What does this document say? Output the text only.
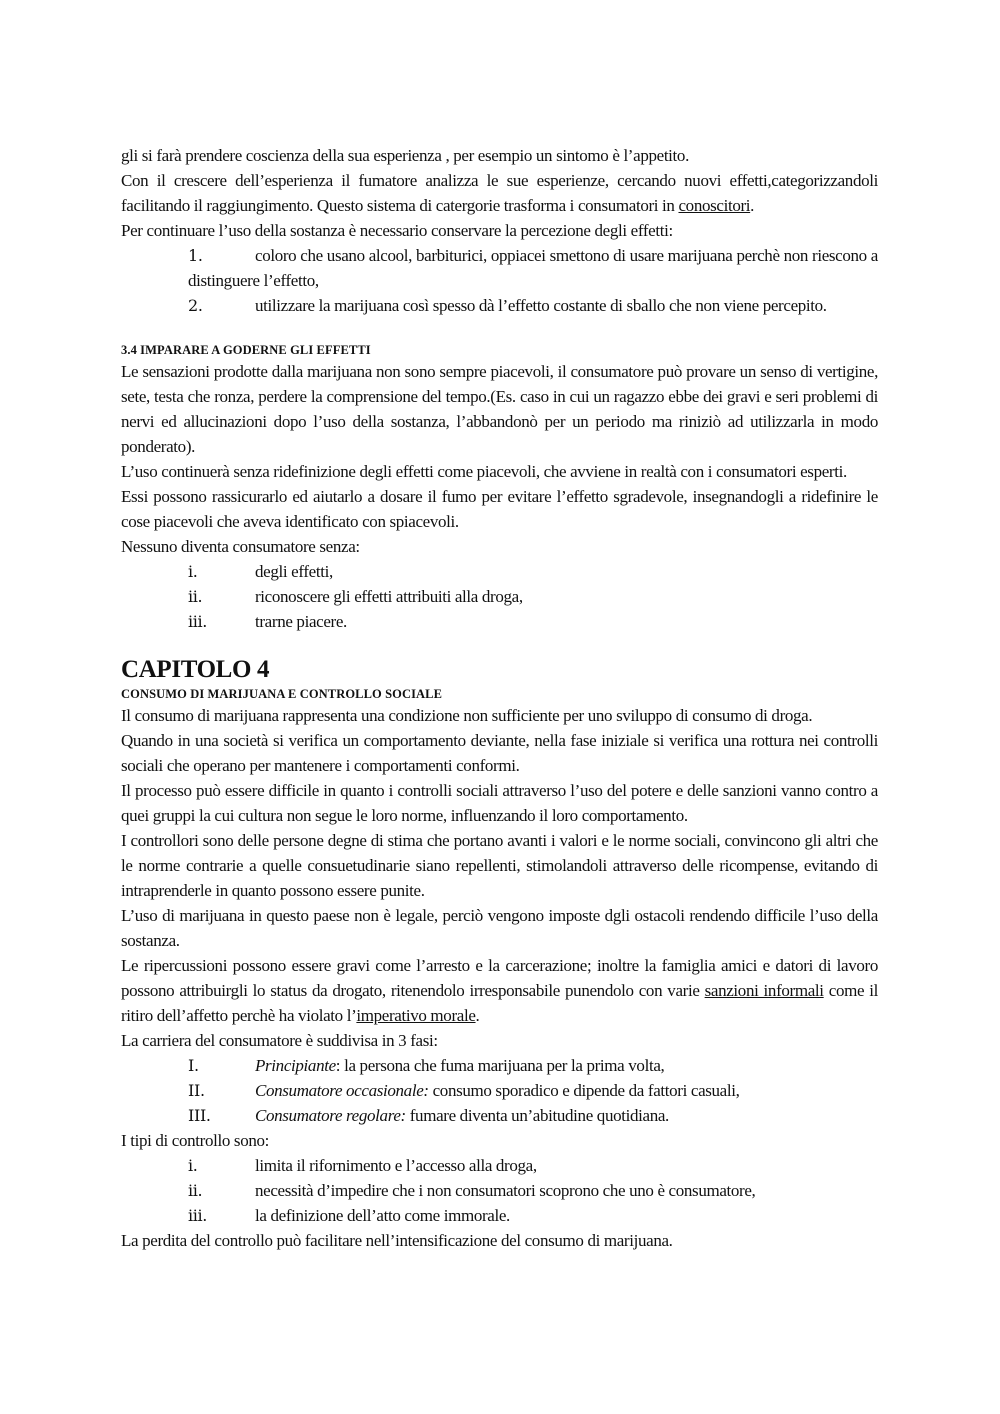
gli si farà prendere coscienza della sua esperienza , per esempio un sintomo è l’appetito.

Con il crescere dell’esperienza il fumatore analizza le sue esperienze, cercando nuovi effetti,categorizzandoli facilitando il raggiungimento. Questo sistema di catergorie trasforma i consumatori in conoscitori.

Per continuare l’uso della sostanza è necessario conservare la percezione degli effetti:

1.	coloro che usano alcool, barbiturici, oppiacei smettono di usare marijuana perchè non riescono a distinguere l’effetto,
2.	utilizzare la marijuana così spesso dà l’effetto costante di sballo che non viene percepito.
3.4 IMPARARE A GODERNE GLI EFFETTI

Le sensazioni prodotte dalla marijuana non sono sempre piacevoli, il consumatore può provare un senso di vertigine, sete, testa che ronza, perdere la comprensione del tempo.(Es. caso in cui un ragazzo ebbe dei gravi e seri problemi di nervi ed allucinazioni dopo l’uso della sostanza, l’abbandonò per un periodo ma riniziò ad utilizzarla in modo ponderato).

L’uso continuerà senza ridefinizione degli effetti come piacevoli, che avviene in realtà con i consumatori esperti.

Essi possono rassicurarlo ed aiutarlo a dosare il fumo per evitare l’effetto sgradevole, insegnandogli a ridefinire le cose piacevoli che aveva identificato con spiacevoli.

Nessuno diventa consumatore senza:

i.	degli effetti,
ii.	riconoscere gli effetti attribuiti alla droga,
iii.	trarne piacere.
CAPITOLO 4
CONSUMO DI MARIJUANA E CONTROLLO SOCIALE

Il consumo di marijuana rappresenta una condizione non sufficiente per uno sviluppo di consumo di droga.

Quando in una società si verifica un comportamento deviante, nella fase iniziale si verifica una rottura nei controlli sociali che operano per mantenere i comportamenti conformi.

Il processo può essere difficile in quanto i controlli sociali attraverso l’uso del potere e delle sanzioni vanno contro a quei gruppi la cui cultura non segue le loro norme, influenzando il loro comportamento.

I controllori sono delle persone degne di stima che portano avanti i valori e le norme sociali, convincono gli altri che le norme contrarie a quelle consuetudinarie siano repellenti, stimolandoli attraverso delle ricompense, evitando di intraprenderle in quanto possono essere punite.

L’uso di marijuana in questo paese non è legale, perciò vengono imposte dgli ostacoli rendendo difficile l’uso della sostanza.

Le ripercussioni possono essere gravi come l’arresto e la carcerazione; inoltre la famiglia amici e datori di lavoro possono attribuirgli lo status da drogato, ritenendolo irresponsabile punendolo con varie sanzioni informali come il ritiro dell’affetto perchè ha violato l’imperativo morale.

La carriera del consumatore è suddivisa in 3 fasi:

I.	Principiante: la persona che fuma marijuana per la prima volta,
II.	Consumatore occasionale: consumo sporadico e dipende da fattori casuali,
III.	Consumatore regolare: fumare diventa un’abitudine quotidiana.

I tipi di controllo sono:

i.	limita il rifornimento e l’accesso alla droga,
ii.	necessità d’impedire che i non consumatori scoprono che uno è consumatore,
iii.	la definizione dell’atto come immorale.

La perdita del controllo può facilitare nell’intensificazione del consumo di marijuana.
